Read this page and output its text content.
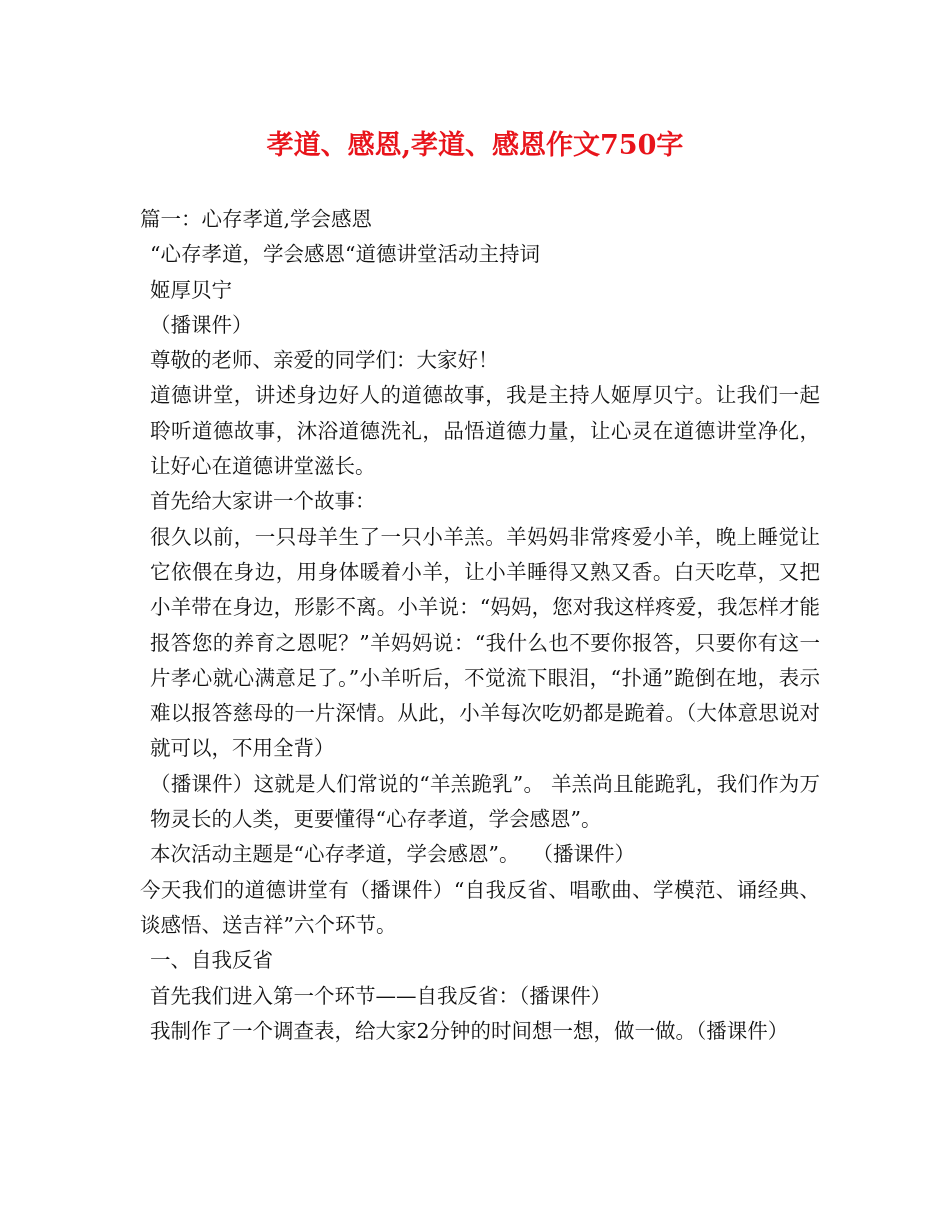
孝道、感恩,孝道、感恩作文750字

篇一：心存孝道,学会感恩

“心存孝道，学会感恩“道德讲堂活动主持词

姬厚贝宁

（播课件）

尊敬的老师、亲爱的同学们：大家好！

道德讲堂，讲述身边好人的道德故事，我是主持人姬厚贝宁。让我们一起聆听道德故事，沐浴道德洗礼，品悟道德力量，让心灵在道德讲堂净化，让好心在道德讲堂滋长。

首先给大家讲一个故事：

很久以前，一只母羊生了一只小羊羔。羊妈妈非常疼爱小羊，晚上睡觉让它依偎在身边，用身体暖着小羊，让小羊睡得又熟又香。白天吃草，又把小羊带在身边，形影不离。小羊说：“妈妈，您对我这样疼爱，我怎样才能报答您的养育之恩呢？”羊妈妈说：“我什么也不要你报答，只要你有这一片孝心就心满意足了。”小羊听后，不觉流下眼泪，“扑通”跪倒在地，表示难以报答慈母的一片深情。从此，小羊每次吃奶都是跪着。（大体意思说对就可以，不用全背）

（播课件）这就是人们常说的“羊羔跪乳”。 羊羔尚且能跪乳，我们作为万物灵长的人类，更要懂得“心存孝道，学会感恩”。

本次活动主题是“心存孝道，学会感恩”。  （播课件）

今天我们的道德讲堂有（播课件）“自我反省、唱歌曲、学模范、诵经典、谈感悟、送吉祥”六个环节。

一、自我反省

首先我们进入第一个环节——自我反省：（播课件）

我制作了一个调查表，给大家2分钟的时间想一想，做一做。（播课件）
